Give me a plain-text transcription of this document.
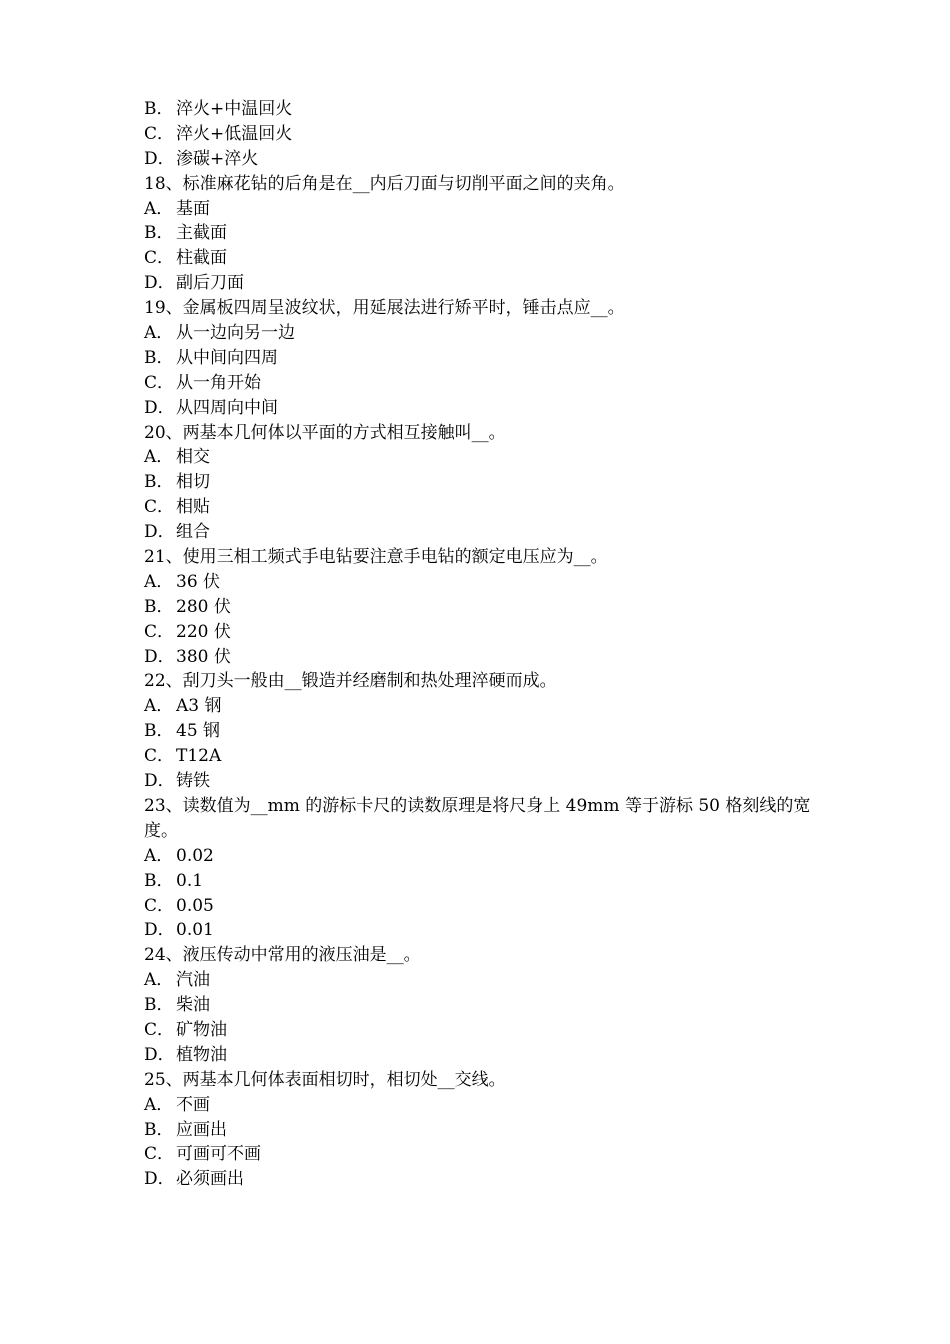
B． 淬火+中温回火
C． 淬火+低温回火
D．渗碳+淬火
18、标准麻花钻的后角是在__内后刀面与切削平面之间的夹角。
A． 基面
B． 主截面
C． 柱截面
D．副后刀面
19、金属板四周呈波纹状，用延展法进行矫平时，锤击点应__。
A． 从一边向另一边
B． 从中间向四周
C． 从一角开始
D．从四周向中间
20、两基本几何体以平面的方式相互接触叫__。
A． 相交
B． 相切
C． 相贴
D．组合
21、使用三相工频式手电钻要注意手电钻的额定电压应为__。
A． 36 伏
B． 280 伏
C． 220 伏
D．380 伏
22、刮刀头一般由__锻造并经磨制和热处理淬硬而成。
A． A3 钢
B． 45 钢
C． T12A
D．铸铁
23、读数值为__mm 的游标卡尺的读数原理是将尺身上 49mm 等于游标 50 格刻线的宽度。
A． 0.02
B． 0.1
C． 0.05
D．0.01
24、液压传动中常用的液压油是__。
A． 汽油
B． 柴油
C． 矿物油
D．植物油
25、两基本几何体表面相切时，相切处__交线。
A． 不画
B． 应画出
C． 可画可不画
D．必须画出
